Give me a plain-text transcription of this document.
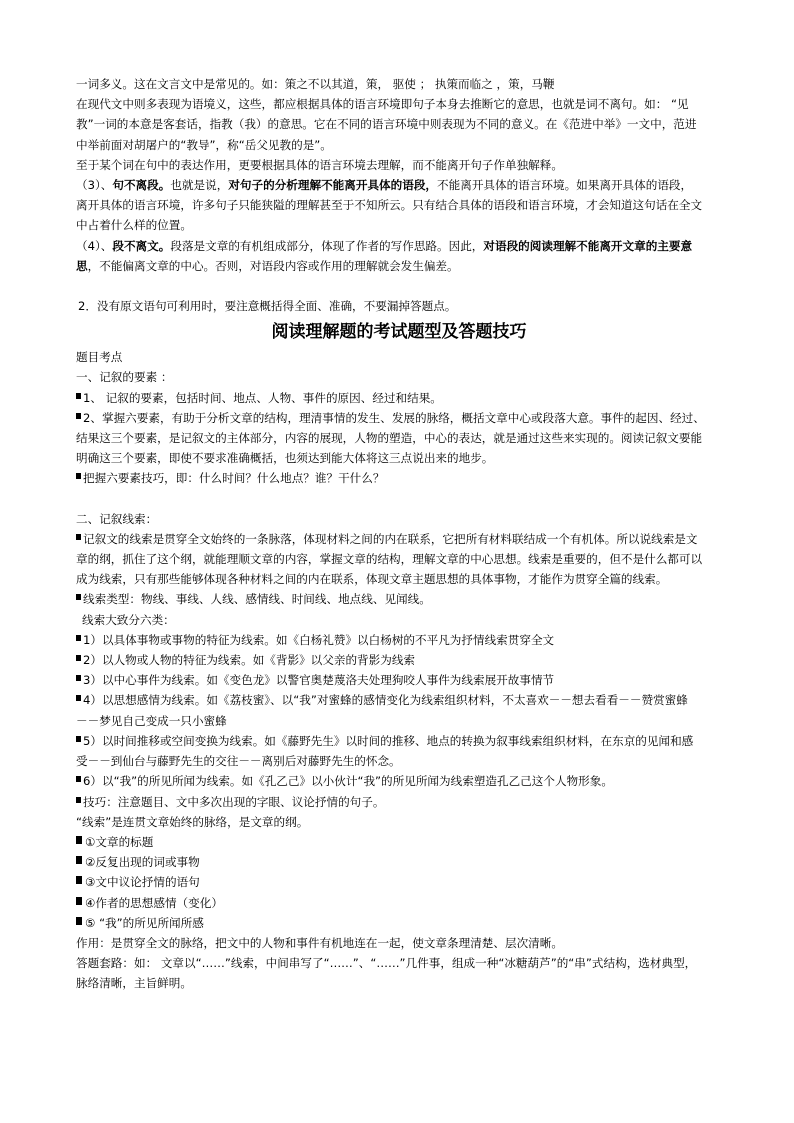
一词多义。这在文言文中是常见的。如：策之不以其道，策， 驱使 ； 执策而临之 ，策，马鞭
在现代文中则多表现为语境义，这些，都应根据具体的语言环境即句子本身去推断它的意思，也就是词不离句。如： “见
教”一词的本意是客套话，指教（我）的意思。它在不同的语言环境中则表现为不同的意义。在《范进中举》一文中，范进
中举前面对胡屠户的“教导”，称“岳父见教的是”。
至于某个词在句中的表达作用，更要根据具体的语言环境去理解，而不能离开句子作单独解释。
（3）、句不离段。也就是说，对句子的分析理解不能离开具体的语段，不能离开具体的语言环境。如果离开具体的语段，
离开具体的语言环境，许多句子只能狭隘的理解甚至于不知所云。只有结合具体的语段和语言环境，才会知道这句话在全文
中占着什么样的位置。
（4）、段不离文。段落是文章的有机组成部分，体现了作者的写作思路。因此，对语段的阅读理解不能离开文章的主要意
思，不能偏离文章的中心。否则，对语段内容或作用的理解就会发生偏差。
2．没有原文语句可利用时，要注意概括得全面、准确，不要漏掉答题点。
阅读理解题的考试题型及答题技巧
题目考点
一、记叙的要素 ：
1、 记叙的要素，包括时间、地点、人物、事件的原因、经过和结果。
2、掌握六要素，有助于分析文章的结构，理清事情的发生、发展的脉络，概括文章中心或段落大意。事件的起因、经过、
结果这三个要素，是记叙文的主体部分，内容的展现，人物的塑造，中心的表达，就是通过这些来实现的。阅读记叙文要能
明确这三个要素，即使不要求准确概括，也须达到能大体将这三点说出来的地步。
把握六要素技巧，即：什么时间？什么地点？谁？干什么？
二、记叙线索：
记叙文的线索是贯穿全文始终的一条脉落，体现材料之间的内在联系，它把所有材料联结成一个有机体。所以说线索是文
章的纲，抓住了这个纲，就能理顺文章的内容，掌握文章的结构，理解文章的中心思想。线索是重要的，但不是什么都可以
成为线索，只有那些能够体现各种材料之间的内在联系，体现文章主题思想的具体事物，才能作为贯穿全篇的线索。
线索类型：物线、事线、人线、感情线、时间线、地点线、见闻线。
线索大致分六类：
1）以具体事物或事物的特征为线索。如《白杨礼赞》以白杨树的不平凡为抒情线索贯穿全文
2）以人物或人物的特征为线索。如《背影》以父亲的背影为线索
3）以中心事件为线索。如《变色龙》以警官奥楚蔑洛夫处理狗咬人事件为线索展开故事情节
4）以思想感情为线索。如《荔枝蜜》、以“我”对蜜蜂的感情变化为线索组织材料，不太喜欢－－想去看看－－赞赏蜜蜂
－－梦见自己变成一只小蜜蜂
5）以时间推移或空间变换为线索。如《藤野先生》以时间的推移、地点的转换为叙事线索组织材料，在东京的见闻和感
受－－到仙台与藤野先生的交往－－离别后对藤野先生的怀念。
6）以“我”的所见所闻为线索。如《孔乙己》以小伙计“我”的所见所闻为线索塑造孔乙己这个人物形象。
技巧：注意题目、文中多次出现的字眼、议论抒情的句子。
“线索”是连贯文章始终的脉络，是文章的纲。
①文章的标题
②反复出现的词或事物
③文中议论抒情的语句
④作者的思想感情（变化）
⑤ “我”的所见所闻所感
作用：是贯穿全文的脉络，把文中的人物和事件有机地连在一起，使文章条理清楚、层次清晰。
答题套路：如： 文章以“……”线索，中间串写了“……”、“……”几件事，组成一种“冰糖葫芦”的“串”式结构，选材典型，
脉络清晰，主旨鲜明。
